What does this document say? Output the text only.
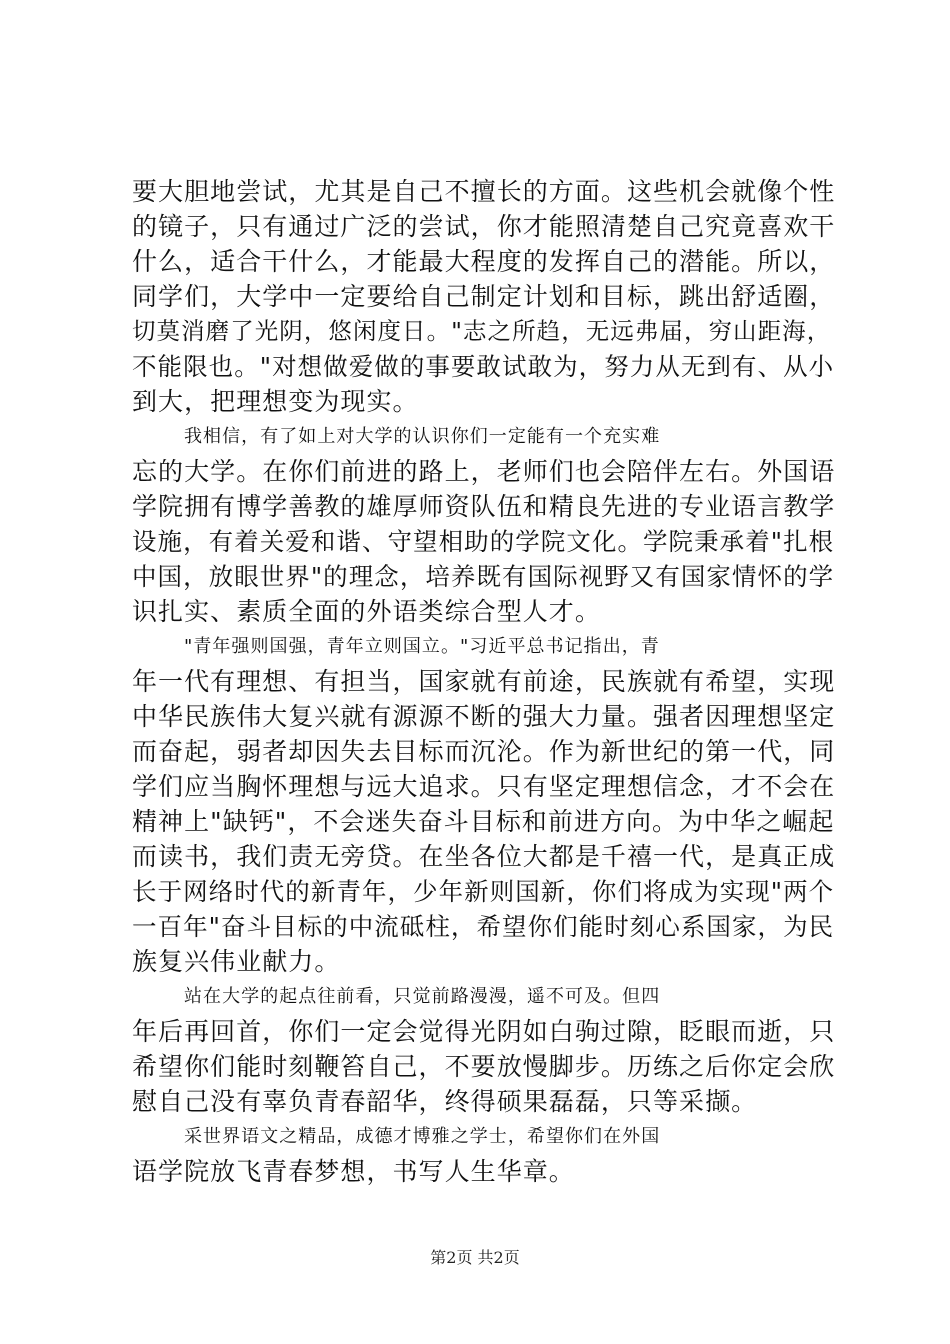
要大胆地尝试，尤其是自己不擅长的方面。这些机会就像个性
的镜子，只有通过广泛的尝试，你才能照清楚自己究竟喜欢干
什么，适合干什么，才能最大程度的发挥自己的潜能。所以，
同学们，大学中一定要给自己制定计划和目标，跳出舒适圈，
切莫消磨了光阴，悠闲度日。"志之所趋，无远弗届，穷山距海，
不能限也。"对想做爱做的事要敢试敢为，努力从无到有、从小
到大，把理想变为现实。
我相信，有了如上对大学的认识你们一定能有一个充实难
忘的大学。在你们前进的路上，老师们也会陪伴左右。外国语
学院拥有博学善教的雄厚师资队伍和精良先进的专业语言教学
设施，有着关爱和谐、守望相助的学院文化。学院秉承着"扎根
中国，放眼世界"的理念，培养既有国际视野又有国家情怀的学
识扎实、素质全面的外语类综合型人才。
"青年强则国强，青年立则国立。"习近平总书记指出，青
年一代有理想、有担当，国家就有前途，民族就有希望，实现
中华民族伟大复兴就有源源不断的强大力量。强者因理想坚定
而奋起，弱者却因失去目标而沉沦。作为新世纪的第一代，同
学们应当胸怀理想与远大追求。只有坚定理想信念，才不会在
精神上"缺钙"，不会迷失奋斗目标和前进方向。为中华之崛起
而读书，我们责无旁贷。在坐各位大都是千禧一代，是真正成
长于网络时代的新青年，少年新则国新，你们将成为实现"两个
一百年"奋斗目标的中流砥柱，希望你们能时刻心系国家，为民
族复兴伟业献力。
站在大学的起点往前看，只觉前路漫漫，遥不可及。但四
年后再回首，你们一定会觉得光阴如白驹过隙，眨眼而逝，只
希望你们能时刻鞭笞自己，不要放慢脚步。历练之后你定会欣
慰自己没有辜负青春韶华，终得硕果磊磊，只等采撷。
采世界语文之精品，成德才博雅之学士，希望你们在外国
语学院放飞青春梦想，书写人生华章。
第2页 共2页
